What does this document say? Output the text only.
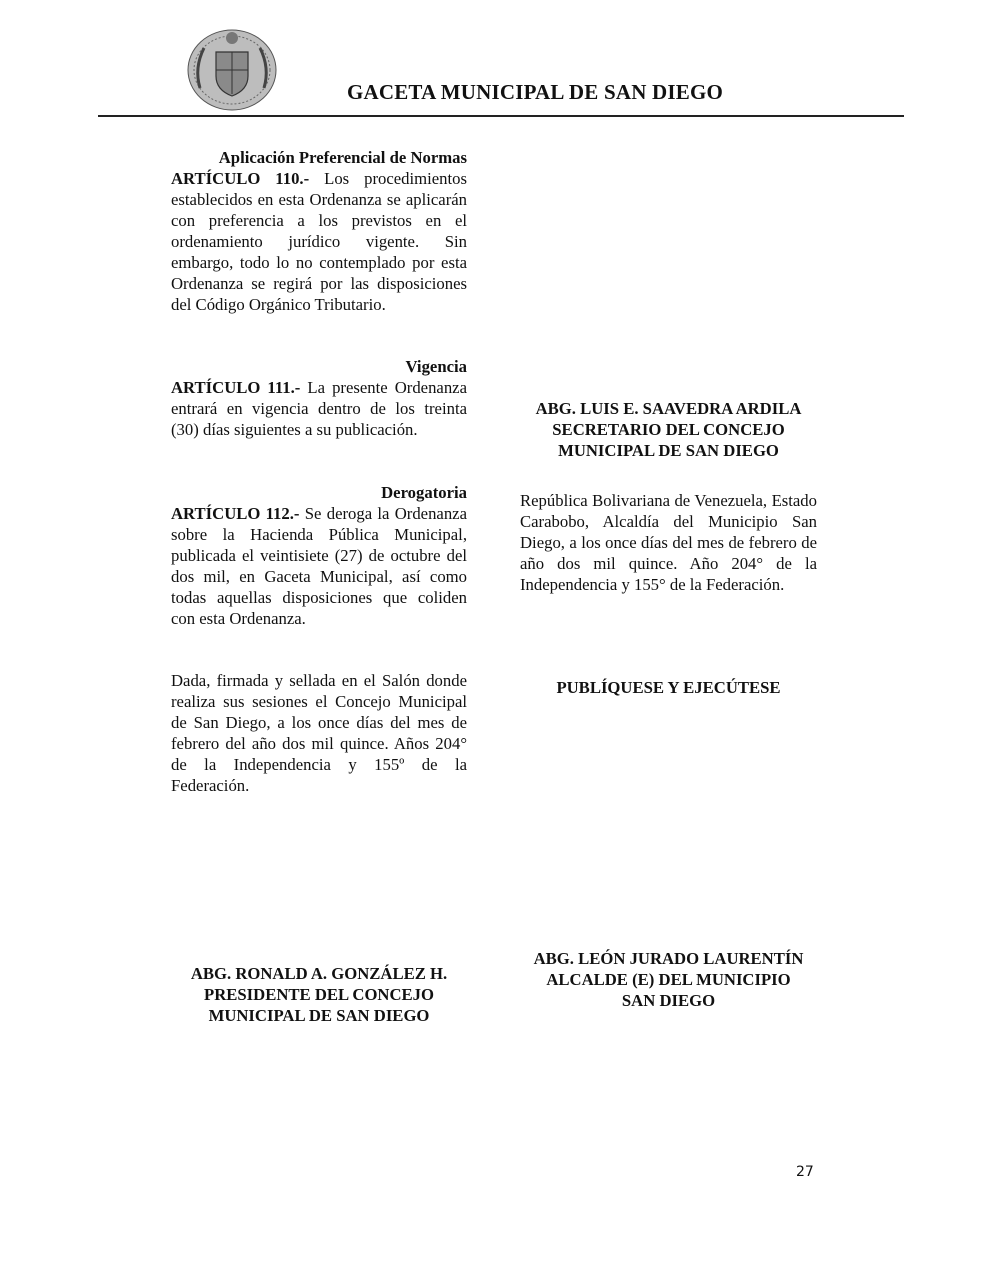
GACETA MUNICIPAL DE SAN DIEGO
Aplicación Preferencial de Normas
ARTÍCULO 110.- Los procedimientos establecidos en esta Ordenanza se aplicarán con preferencia a los previstos en el ordenamiento jurídico vigente. Sin embargo, todo lo no contemplado por esta Ordenanza se regirá por las disposiciones del Código Orgánico Tributario.
Vigencia
ARTÍCULO 111.- La presente Ordenanza entrará en vigencia dentro de los treinta (30) días siguientes a su publicación.
Derogatoria
ARTÍCULO 112.- Se deroga la Ordenanza sobre la Hacienda Pública Municipal, publicada el veintisiete (27) de octubre del dos mil, en Gaceta Municipal, así como todas aquellas disposiciones que coliden con esta Ordenanza.
Dada, firmada y sellada en el Salón donde realiza sus sesiones el Concejo Municipal de San Diego, a los once días del mes de febrero del año dos mil quince. Años 204° de la Independencia y 155º de la Federación.
ABG. RONALD A. GONZÁLEZ H.
PRESIDENTE DEL CONCEJO
MUNICIPAL DE SAN DIEGO
ABG. LUIS E. SAAVEDRA ARDILA
SECRETARIO DEL CONCEJO
MUNICIPAL DE SAN DIEGO
República Bolivariana de Venezuela, Estado Carabobo, Alcaldía del Municipio San Diego, a los once días del mes de febrero de año dos mil quince. Año 204° de la Independencia y 155° de la Federación.
PUBLÍQUESE Y EJECÚTESE
ABG. LEÓN JURADO LAURENTÍN
ALCALDE (E) DEL MUNICIPIO
SAN DIEGO
27
